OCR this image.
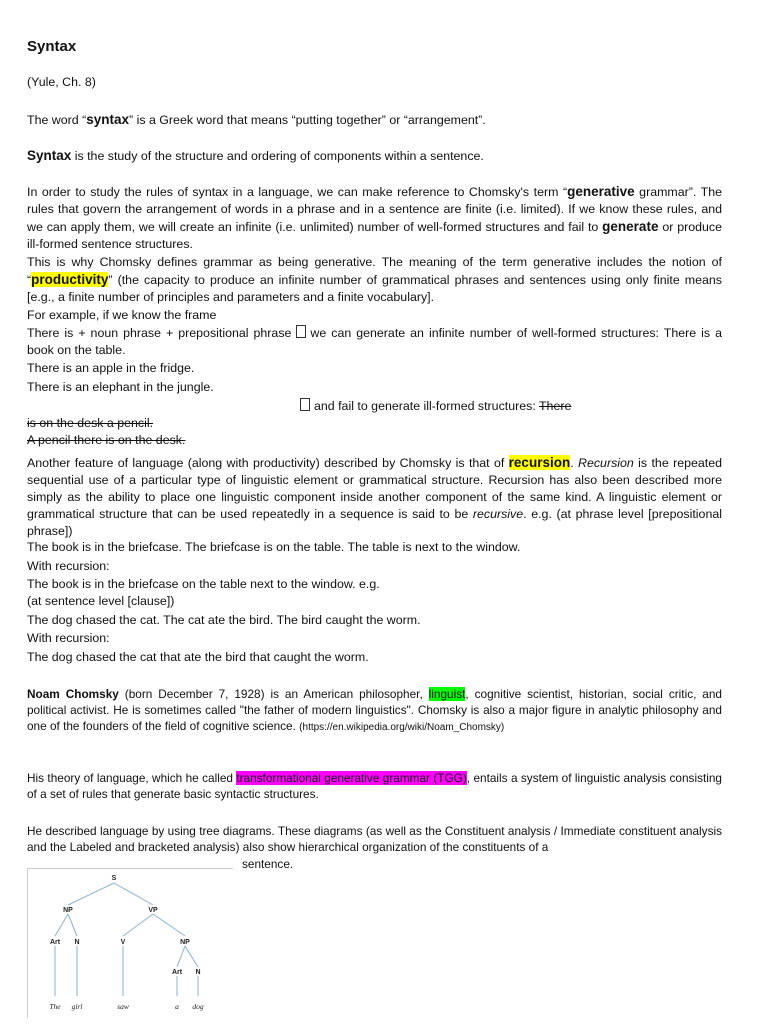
Syntax

(Yule, Ch. 8)

The word “syntax” is a Greek word that means “putting together” or “arrangement”.

Syntax is the study of the structure and ordering of components within a sentence.

In order to study the rules of syntax in a language, we can make reference to Chomsky's term “generative grammar”. The rules that govern the arrangement of words in a phrase and in a sentence are finite (i.e. limited). If we know these rules, and we can apply them, we will create an infinite (i.e. unlimited) number of well-formed structures and fail to generate or produce ill-formed sentence structures.

This is why Chomsky defines grammar as being generative. The meaning of the term generative includes the notion of “productivity” (the capacity to produce an infinite number of grammatical phrases and sentences using only finite means [e.g., a finite number of principles and parameters and a finite vocabulary].

For example, if we know the frame

There is + noun phrase + prepositional phrase we can generate an infinite number of well-formed structures: There is a book on the table.

There is an apple in the fridge.

There is an elephant in the jungle.

and fail to generate ill-formed structures: There

is on the desk a pencil.

A pencil there is on the desk.

Another feature of language (along with productivity) described by Chomsky is that of recursion. Recursion is the repeated sequential use of a particular type of linguistic element or grammatical structure. Recursion has also been described more simply as the ability to place one linguistic component inside another component of the same kind. A linguistic element or grammatical structure that can be used repeatedly in a sequence is said to be recursive. e.g. (at phrase level [prepositional phrase])

The book is in the briefcase. The briefcase is on the table. The table is next to the window.

With recursion:

The book is in the briefcase on the table next to the window. e.g.

(at sentence level [clause])

The dog chased the cat. The cat ate the bird. The bird caught the worm.

With recursion:

The dog chased the cat that ate the bird that caught the worm.

Noam Chomsky (born December 7, 1928) is an American philosopher, linguist, cognitive scientist, historian, social critic, and political activist. He is sometimes called "the father of modern linguistics". Chomsky is also a major figure in analytic philosophy and one of the founders of the field of cognitive science. (https://en.wikipedia.org/wiki/Noam_Chomsky)

His theory of language, which he called transformational generative grammar (TGG), entails a system of linguistic analysis consisting of a set of rules that generate basic syntactic structures.

He described language by using tree diagrams. These diagrams (as well as the Constituent analysis / Immediate constituent analysis and the Labeled and bracketed analysis) also show hierarchical organization of the constituents of a

sentence.

S
NP	VP
Art N	V	NP
Art N
The girl	saw	a dog
